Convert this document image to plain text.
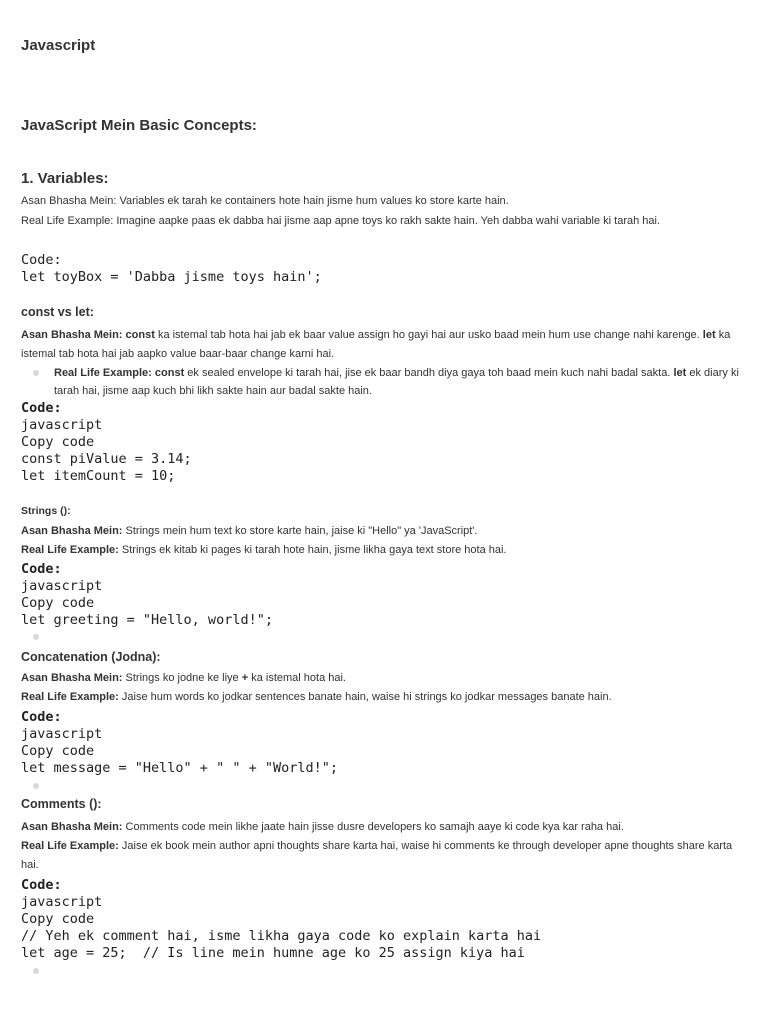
Javascript
JavaScript Mein Basic Concepts:
1. Variables:
Asan Bhasha Mein: Variables ek tarah ke containers hote hain jisme hum values ko store karte hain.
Real Life Example: Imagine aapke paas ek dabba hai jisme aap apne toys ko rakh sakte hain. Yeh dabba wahi variable ki tarah hai.
Code:
let toyBox = 'Dabba jisme toys hain';
const vs let:
Asan Bhasha Mein: const ka istemal tab hota hai jab ek baar value assign ho gayi hai aur usko baad mein hum use change nahi karenge. let ka istemal tab hota hai jab aapko value baar-baar change karni hai.
Real Life Example: const ek sealed envelope ki tarah hai, jise ek baar bandh diya gaya toh baad mein kuch nahi badal sakta. let ek diary ki tarah hai, jisme aap kuch bhi likh sakte hain aur badal sakte hain.
Code:
javascript
Copy code
const piValue = 3.14;
let itemCount = 10;
Strings ():
Asan Bhasha Mein: Strings mein hum text ko store karte hain, jaise ki "Hello" ya 'JavaScript'.
Real Life Example: Strings ek kitab ki pages ki tarah hote hain, jisme likha gaya text store hota hai.
Code:
javascript
Copy code
let greeting = "Hello, world!";
Concatenation (Jodna):
Asan Bhasha Mein: Strings ko jodne ke liye + ka istemal hota hai.
Real Life Example: Jaise hum words ko jodkar sentences banate hain, waise hi strings ko jodkar messages banate hain.
Code:
javascript
Copy code
let message = "Hello" + " " + "World!";
Comments ():
Asan Bhasha Mein: Comments code mein likhe jaate hain jisse dusre developers ko samajh aaye ki code kya kar raha hai.
Real Life Example: Jaise ek book mein author apni thoughts share karta hai, waise hi comments ke through developer apne thoughts share karta hai.
Code:
javascript
Copy code
// Yeh ek comment hai, isme likha gaya code ko explain karta hai
let age = 25;  // Is line mein humne age ko 25 assign kiya hai
